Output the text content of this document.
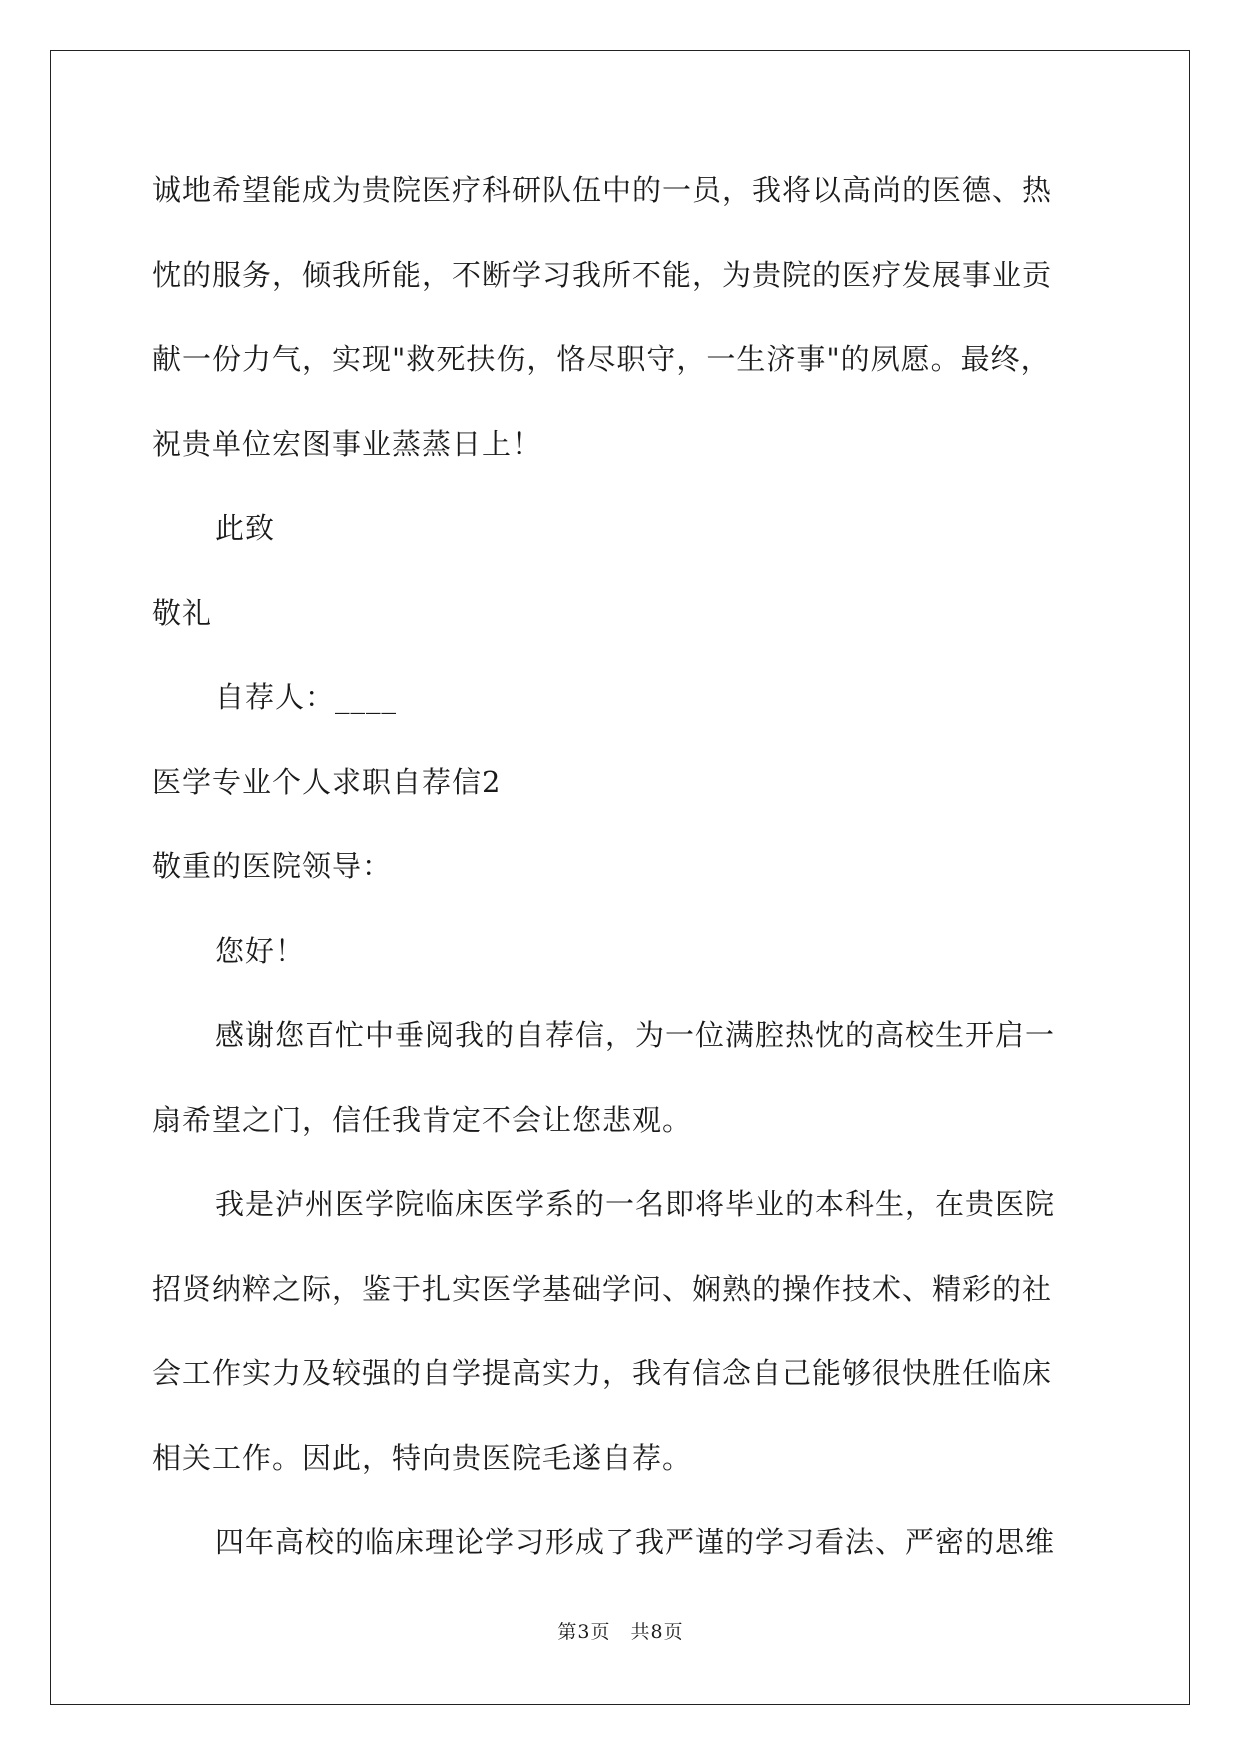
诚地希望能成为贵院医疗科研队伍中的一员，我将以高尚的医德、热
忱的服务，倾我所能，不断学习我所不能，为贵院的医疗发展事业贡
献一份力气，实现"救死扶伤，恪尽职守，一生济事"的夙愿。最终，
祝贵单位宏图事业蒸蒸日上！
此致
敬礼
自荐人：____
医学专业个人求职自荐信2
敬重的医院领导：
您好！
感谢您百忙中垂阅我的自荐信，为一位满腔热忱的高校生开启一
扇希望之门，信任我肯定不会让您悲观。
我是泸州医学院临床医学系的一名即将毕业的本科生，在贵医院
招贤纳粹之际，鉴于扎实医学基础学问、娴熟的操作技术、精彩的社
会工作实力及较强的自学提高实力，我有信念自己能够很快胜任临床
相关工作。因此，特向贵医院毛遂自荐。
四年高校的临床理论学习形成了我严谨的学习看法、严密的思维
第3页　共8页
